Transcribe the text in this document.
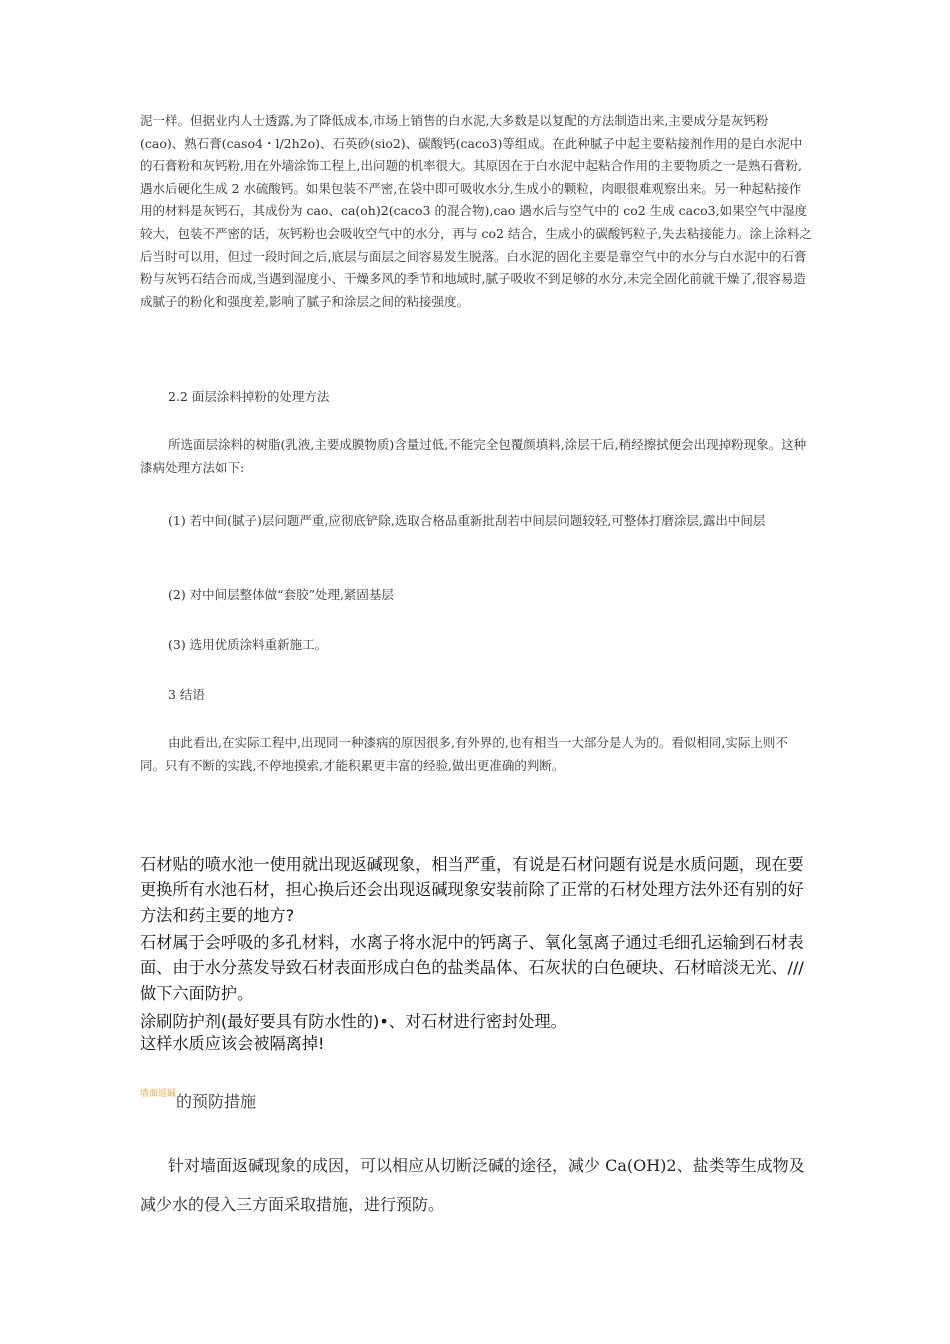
泥一样。但据业内人士透露,为了降低成本,市场上销售的白水泥,大多数是以复配的方法制造出来,主要成分是灰钙粉(cao)、熟石膏(caso4・l/2h2o)、石英砂(sio2)、碳酸钙(caco3)等组成。在此种腻子中起主要粘接剂作用的是白水泥中的石膏粉和灰钙粉,用在外墙涂饰工程上,出问题的机率很大。其原因在于白水泥中起粘合作用的主要物质之一是熟石膏粉,遇水后硬化生成 2 水硫酸钙。如果包装不严密,在袋中即可吸收水分,生成小的颗粒，肉眼很难观察出来。另一种起粘接作用的材料是灰钙石，其成份为 cao、ca(oh)2(caco3 的混合物),cao 遇水后与空气中的 co2 生成 caco3,如果空气中湿度较大，包装不严密的话，灰钙粉也会吸收空气中的水分，再与 co2 结合，生成小的碳酸钙粒子,失去粘接能力。涂上涂料之后当时可以用，但过一段时间之后,底层与面层之间容易发生脱落。白水泥的固化主要是靠空气中的水分与白水泥中的石膏粉与灰钙石结合而成,当遇到湿度小、干燥多风的季节和地域时,腻子吸收不到足够的水分,未完全固化前就干燥了,很容易造成腻子的粉化和强度差,影响了腻子和涂层之间的粘接强度。

2.2 面层涂料掉粉的处理方法

所选面层涂料的树脂(乳液,主要成膜物质)含量过低,不能完全包覆颜填料,涂层干后,稍经擦拭便会出现掉粉现象。这种漆病处理方法如下:

(1) 若中间(腻子)层问题严重,应彻底铲除,选取合格品重新批刮若中间层问题较轻,可整体打磨涂层,露出中间层

(2) 对中间层整体做“套胶”处理,紧固基层

(3) 选用优质涂料重新施工。

3 结语

由此看出,在实际工程中,出现同一种漆病的原因很多,有外界的,也有相当一大部分是人为的。看似相同,实际上则不同。只有不断的实践,不停地摸索,才能积累更丰富的经验,做出更准确的判断。

石材贴的喷水池一使用就出现返碱现象，相当严重，有说是石材问题有说是水质问题，现在要更换所有水池石材，担心换后还会出现返碱现象安装前除了正常的石材处理方法外还有别的好方法和药主要的地方?

石材属于会呼吸的多孔材料，水离子将水泥中的钙离子、氧化氢离子通过毛细孔运输到石材表面、由于水分蒸发导致石材表面形成白色的盐类晶体、石灰状的白色硬块、石材暗淡无光、///做下六面防护。

涂刷防护剂(最好要具有防水性的)•、对石材进行密封处理。

这样水质应该会被隔离掉!

$^{墙面返碱}$的预防措施

针对墙面返碱现象的成因，可以相应从切断泛碱的途径，减少 Ca(OH)2、盐类等生成物及减少水的侵入三方面采取措施，进行预防。
